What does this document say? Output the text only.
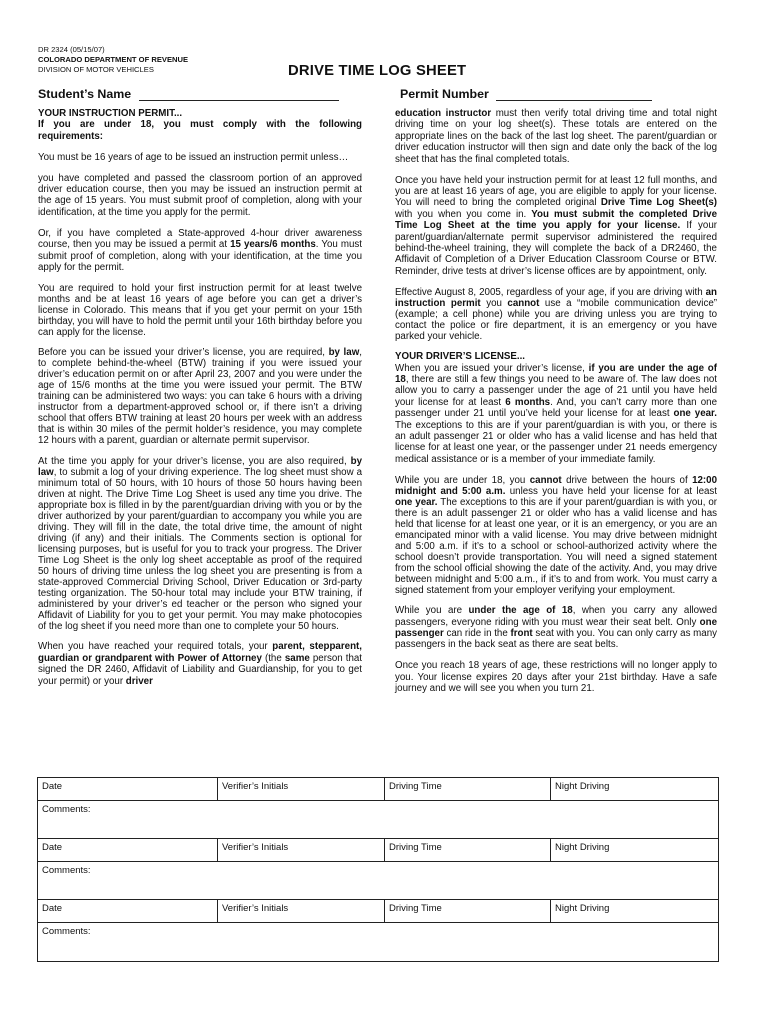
DR 2324 (05/15/07)
COLORADO DEPARTMENT OF REVENUE
DIVISION OF MOTOR VEHICLES	DRIVE TIME LOG SHEET
Student’s Name	Permit Number

YOUR INSTRUCTION PERMIT...

If you are under 18, you must comply with the following requirements:

You must be 16 years of age to be issued an instruction permit unless…

you have completed and passed the classroom portion of an approved driver education course, then you may be issued an instruction permit at the age of 15 years. You must submit proof of completion, along with your identification, at the time you apply for the permit.

Or, if you have completed a State-approved 4-hour driver awareness course, then you may be issued a permit at 15 years/6 months. You must submit proof of completion, along with your identification, at the time you apply for the permit.

You are required to hold your first instruction permit for at least twelve months and be at least 16 years of age before you can get a driver’s license in Colorado. This means that if you get your permit on your 15th birthday, you will have to hold the permit until your 16th birthday before you can apply for the license.

Before you can be issued your driver’s license, you are required, by law, to complete behind-the-wheel (BTW) training if you were issued your driver’s education permit on or after April 23, 2007 and you were under the age of 15/6 months at the time you were issued your permit. The BTW training can be administered two ways: you can take 6 hours with a driving instructor from a department-approved school or, if there isn’t a driving school that offers BTW training at least 20 hours per week with an address that is within 30 miles of the permit holder’s residence, you may complete 12 hours with a parent, guardian or alternate permit supervisor.

At the time you apply for your driver’s license, you are also required, by law, to submit a log of your driving experience. The log sheet must show a minimum total of 50 hours, with 10 hours of those 50 hours having been driven at night. The Drive Time Log Sheet is used any time you drive. The appropriate box is filled in by the parent/guardian driving with you or by the driver authorized by your parent/guardian to accompany you while you are driving. They will fill in the date, the total drive time, the amount of night driving (if any) and their initials. The Comments section is optional for licensing purposes, but is useful for you to track your progress. The Driver Time Log Sheet is the only log sheet acceptable as proof of the required 50 hours of driving time unless the log sheet you are presenting is from a state-approved Commercial Driving School, Driver Education or 3rd-party testing organization. The 50-hour total may include your BTW training, if administered by your driver’s ed teacher or the person who signed your Affidavit of Liability for you to get your permit. You may make photocopies of the log sheet if you need more than one to complete your 50 hours.

When you have reached your required totals, your parent, stepparent, guardian or grandparent with Power of Attorney (the same person that signed the DR 2460, Affidavit of Liability and Guardianship, for you to get your permit) or your driver

education instructor must then verify total driving time and total night driving time on your log sheet(s). These totals are entered on the appropriate lines on the back of the last log sheet. The parent/guardian or driver education instructor will then sign and date only the back of the log sheet that has the final completed totals.

Once you have held your instruction permit for at least 12 full months, and you are at least 16 years of age, you are eligible to apply for your license. You will need to bring the completed original Drive Time Log Sheet(s) with you when you come in. You must submit the completed Drive Time Log Sheet at the time you apply for your license. If your parent/guardian/alternate permit supervisor administered the required behind-the-wheel training, they will complete the back of a DR2460, the Affidavit of Completion of a Driver Education Classroom Course or BTW. Reminder, drive tests at driver’s license offices are by appointment, only.

Effective August 8, 2005, regardless of your age, if you are driving with an instruction permit you cannot use a “mobile communication device” (example; a cell phone) while you are driving unless you are trying to contact the police or fire department, it is an emergency or you have parked your vehicle.

YOUR DRIVER’S LICENSE...

When you are issued your driver’s license, if you are under the age of 18, there are still a few things you need to be aware of. The law does not allow you to carry a passenger under the age of 21 until you have held your license for at least 6 months. And, you can’t carry more than one passenger under 21 until you’ve held your license for at least one year. The exceptions to this are if your parent/guardian is with you, or there is an adult passenger 21 or older who has a valid license and has held that license for at least one year, or the passenger under 21 needs emergency medical assistance or is a member of your immediate family.

While you are under 18, you cannot drive between the hours of 12:00 midnight and 5:00 a.m. unless you have held your license for at least one year. The exceptions to this are if your parent/guardian is with you, or there is an adult passenger 21 or older who has a valid license and has held that license for at least one year, or it is an emergency, or you are an emancipated minor with a valid license. You may drive between midnight and 5:00 a.m. if it’s to a school or school-authorized activity where the school doesn’t provide transportation. You will need a signed statement from the school official showing the date of the activity. And, you may drive between midnight and 5:00 a.m., if it’s to and from work. You must carry a signed statement from your employer verifying your employment.

While you are under the age of 18, when you carry any allowed passengers, everyone riding with you must wear their seat belt. Only one passenger can ride in the front seat with you. You can only carry as many passengers in the back seat as there are seat belts.

Once you reach 18 years of age, these restrictions will no longer apply to you. Your license expires 20 days after your 21st birthday. Have a safe journey and we will see you when you turn 21.

Date	Verifier’s Initials	Driving Time	Night Driving
Comments:
Date	Verifier’s Initials	Driving Time	Night Driving
Comments:
Date	Verifier’s Initials	Driving Time	Night Driving
Comments:
